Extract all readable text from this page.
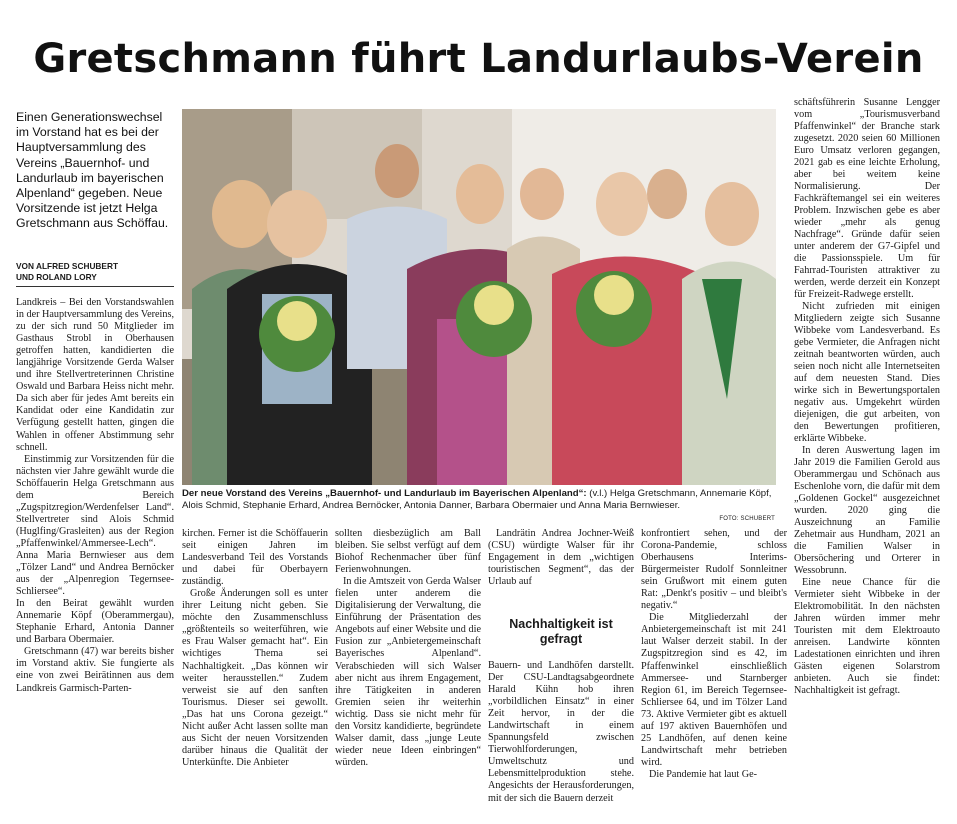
Gretschmann führt Landurlaubs-Verein
Einen Generationswechsel im Vorstand hat es bei der Hauptversammlung des Vereins „Bauernhof- und Landurlaub im bayerischen Alpenland“ gegeben. Neue Vorsitzende ist jetzt Helga Gretschmann aus Schöffau.
VON ALFRED SCHUBERT
UND ROLAND LORY

Landkreis – Bei den Vorstandswahlen in der Hauptversammlung des Vereins, zu der sich rund 50 Mitglieder im Gasthaus Strobl in Oberhausen getroffen hatten, kandidierten die langjährige Vorsitzende Gerda Walser und ihre Stellvertreterinnen Christine Oswald und Barbara Heiss nicht mehr. Da sich aber für jedes Amt bereits ein Kandidat oder eine Kandidatin zur Verfügung gestellt hatten, gingen die Wahlen in offener Abstimmung sehr schnell.

Einstimmig zur Vorsitzenden für die nächsten vier Jahre gewählt wurde die Schöffauerin Helga Gretschmann aus dem Bereich „Zugspitzregion/Werdenfelser Land“. Stellvertreter sind Alois Schmid (Huglfing/Grasleiten) aus der Region „Pfaffenwinkel/Ammersee-Lech“. Anna Maria Bernwieser aus dem „Tölzer Land“ und Andrea Bernöcker aus der „Alpenregion Tegernsee-Schliersee“.

In den Beirat gewählt wurden Annemarie Köpf (Oberammergau), Stephanie Erhard, Antonia Danner und Barbara Obermaier.

Gretschmann (47) war bereits bisher im Vorstand aktiv. Sie fungierte als eine von zwei Beirätinnen aus dem Landkreis Garmisch-Parten-

Der neue Vorstand des Vereins „Bauernhof- und Landurlaub im Bayerischen Alpenland“: (v.l.) Helga Gretschmann, Annemarie Köpf, Alois Schmid, Stephanie Erhard, Andrea Bernöcker, Antonia Danner, Barbara Obermaier und Anna Maria Bernwieser.
FOTO: SCHUBERT

kirchen. Ferner ist die Schöffauerin seit einigen Jahren im Landesverband Teil des Vorstands und dabei für Oberbayern zuständig.

Große Änderungen soll es unter ihrer Leitung nicht geben. Sie möchte den Zusammenschluss „größtenteils so weiterführen, wie es Frau Walser gemacht hat“. Ein wichtiges Thema sei Nachhaltigkeit. „Das können wir weiter herausstellen.“ Zudem verweist sie auf den sanften Tourismus. Dieser sei gewollt. „Das hat uns Corona gezeigt.“ Nicht außer Acht lassen sollte man aus Sicht der neuen Vorsitzenden darüber hinaus die Qualität der Unterkünfte. Die Anbieter

sollten diesbezüglich am Ball bleiben. Sie selbst verfügt auf dem Biohof Rechenmacher über fünf Ferienwohnungen.

In die Amtszeit von Gerda Walser fielen unter anderem die Digitalisierung der Verwaltung, die Einführung der Präsentation des Angebots auf einer Website und die Fusion zur „Anbietergemeinschaft Bayerisches Alpenland“. Verabschieden will sich Walser aber nicht aus ihrem Engagement, ihre Tätigkeiten in anderen Gremien seien ihr weiterhin wichtig. Dass sie nicht mehr für den Vorsitz kandidierte, begründete Walser damit, dass „junge Leute wieder neue Ideen einbringen“ würden.

Landrätin Andrea Jochner-Weiß (CSU) würdigte Walser für ihr Engagement in dem „wichtigen touristischen Segment“, das der Urlaub auf

Nachhaltigkeit ist gefragt

Bauern- und Landhöfen darstellt. Der CSU-Landtagsabgeordnete Harald Kühn hob ihren „vorbildlichen Einsatz“ in einer Zeit hervor, in der die Landwirtschaft in einem Spannungsfeld zwischen Tierwohlforderungen, Umweltschutz und Lebensmittelproduktion stehe. Angesichts der Herausforderungen, mit der sich die Bauern derzeit

konfrontiert sehen, und der Corona-Pandemie, schloss Oberhausens Interims-Bürgermeister Rudolf Sonnleitner sein Grußwort mit einem guten Rat: „Denkt's positiv – und bleibt's negativ.“

Die Mitgliederzahl der Anbietergemeinschaft ist mit 241 laut Walser derzeit stabil. In der Zugspitzregion sind es 42, im Pfaffenwinkel einschließlich Ammersee- und Starnberger Region 61, im Bereich Tegernsee-Schliersee 64, und im Tölzer Land 73. Aktive Vermieter gibt es aktuell auf 197 aktiven Bauernhöfen und 25 Landhöfen, auf denen keine Landwirtschaft mehr betrieben wird.

Die Pandemie hat laut Ge-

schäftsführerin Susanne Lengger vom „Tourismusverband Pfaffenwinkel“ der Branche stark zugesetzt. 2020 seien 60 Millionen Euro Umsatz verloren gegangen, 2021 gab es eine leichte Erholung, aber bei weitem keine Normalisierung. Der Fachkräftemangel sei ein weiteres Problem. Inzwischen gebe es aber wieder „mehr als genug Nachfrage“. Gründe dafür seien unter anderem der G7-Gipfel und die Passionsspiele. Um für Fahrrad-Touristen attraktiver zu werden, werde derzeit ein Konzept für Freizeit-Radwege erstellt.

Nicht zufrieden mit einigen Mitgliedern zeigte sich Susanne Wibbeke vom Landesverband. Es gebe Vermieter, die Anfragen nicht zeitnah beantworten würden, auch seien noch nicht alle Internetseiten auf dem neuesten Stand. Dies wirke sich in Bewertungsportalen negativ aus. Umgekehrt würden diejenigen, die gut arbeiten, von den Bewertungen profitieren, erklärte Wibbeke.

In deren Auswertung lagen im Jahr 2019 die Familien Gerold aus Oberammergau und Schönach aus Eschenlohe vorn, die dafür mit dem „Goldenen Gockel“ ausgezeichnet wurden. 2020 ging die Auszeichnung an Familie Zehetmair aus Hundham, 2021 an die Familien Walser in Obersöchering und Orterer in Wessobrunn.

Eine neue Chance für die Vermieter sieht Wibbeke in der Elektromobilität. In den nächsten Jahren würden immer mehr Touristen mit dem Elektroauto anreisen. Landwirte könnten Ladestationen einrichten und ihren Gästen eigenen Solarstrom anbieten. Auch sie findet: Nachhaltigkeit ist gefragt.
